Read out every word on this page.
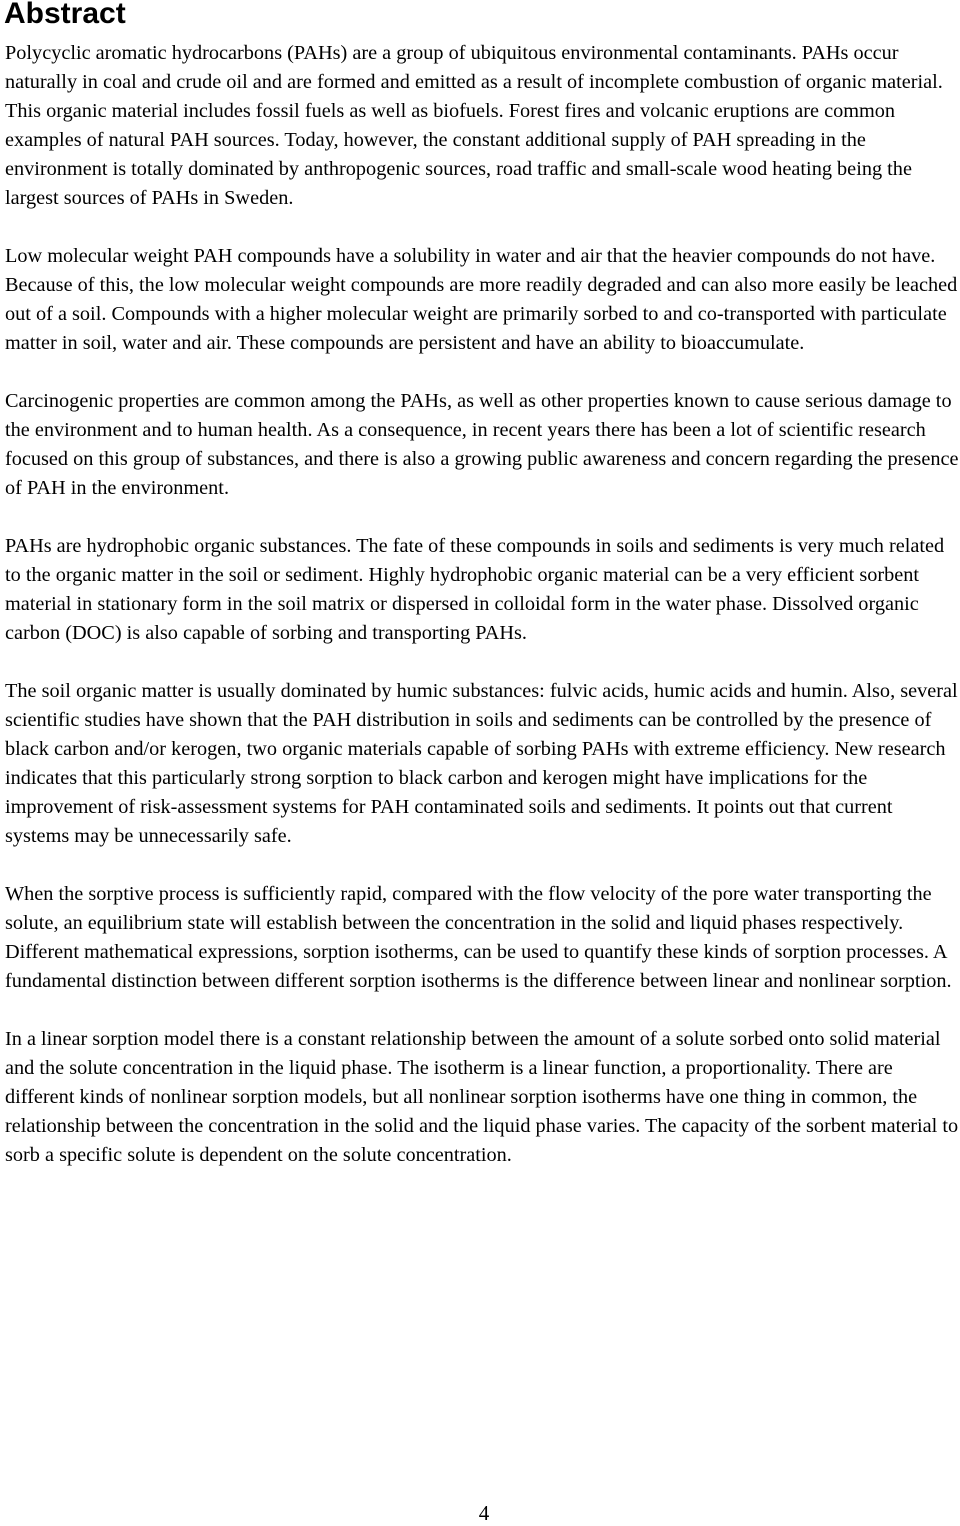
Abstract

Polycyclic aromatic hydrocarbons (PAHs) are a group of ubiquitous environmental contaminants. PAHs occur naturally in coal and crude oil and are formed and emitted as a result of incomplete combustion of organic material. This organic material includes fossil fuels as well as biofuels. Forest fires and volcanic eruptions are common examples of natural PAH sources. Today, however, the constant additional supply of PAH spreading in the environment is totally dominated by anthropogenic sources, road traffic and small-scale wood heating being the largest sources of PAHs in Sweden.

Low molecular weight PAH compounds have a solubility in water and air that the heavier compounds do not have. Because of this, the low molecular weight compounds are more readily degraded and can also more easily be leached out of a soil. Compounds with a higher molecular weight are primarily sorbed to and co-transported with particulate matter in soil, water and air. These compounds are persistent and have an ability to bioaccumulate.

Carcinogenic properties are common among the PAHs, as well as other properties known to cause serious damage to the environment and to human health. As a consequence, in recent years there has been a lot of scientific research focused on this group of substances, and there is also a growing public awareness and concern regarding the presence of PAH in the environment.

PAHs are hydrophobic organic substances. The fate of these compounds in soils and sediments is very much related to the organic matter in the soil or sediment. Highly hydrophobic organic material can be a very efficient sorbent material in stationary form in the soil matrix or dispersed in colloidal form in the water phase. Dissolved organic carbon (DOC) is also capable of sorbing and transporting PAHs.

The soil organic matter is usually dominated by humic substances: fulvic acids, humic acids and humin. Also, several scientific studies have shown that the PAH distribution in soils and sediments can be controlled by the presence of black carbon and/or kerogen, two organic materials capable of sorbing PAHs with extreme efficiency. New research indicates that this particularly strong sorption to black carbon and kerogen might have implications for the improvement of risk-assessment systems for PAH contaminated soils and sediments. It points out that current systems may be unnecessarily safe.

When the sorptive process is sufficiently rapid, compared with the flow velocity of the pore water transporting the solute, an equilibrium state will establish between the concentration in the solid and liquid phases respectively. Different mathematical expressions, sorption isotherms, can be used to quantify these kinds of sorption processes. A fundamental distinction between different sorption isotherms is the difference between linear and nonlinear sorption.

In a linear sorption model there is a constant relationship between the amount of a solute sorbed onto solid material and the solute concentration in the liquid phase. The isotherm is a linear function, a proportionality. There are different kinds of nonlinear sorption models, but all nonlinear sorption isotherms have one thing in common, the relationship between the concentration in the solid and the liquid phase varies. The capacity of the sorbent material to sorb a specific solute is dependent on the solute concentration.

4
